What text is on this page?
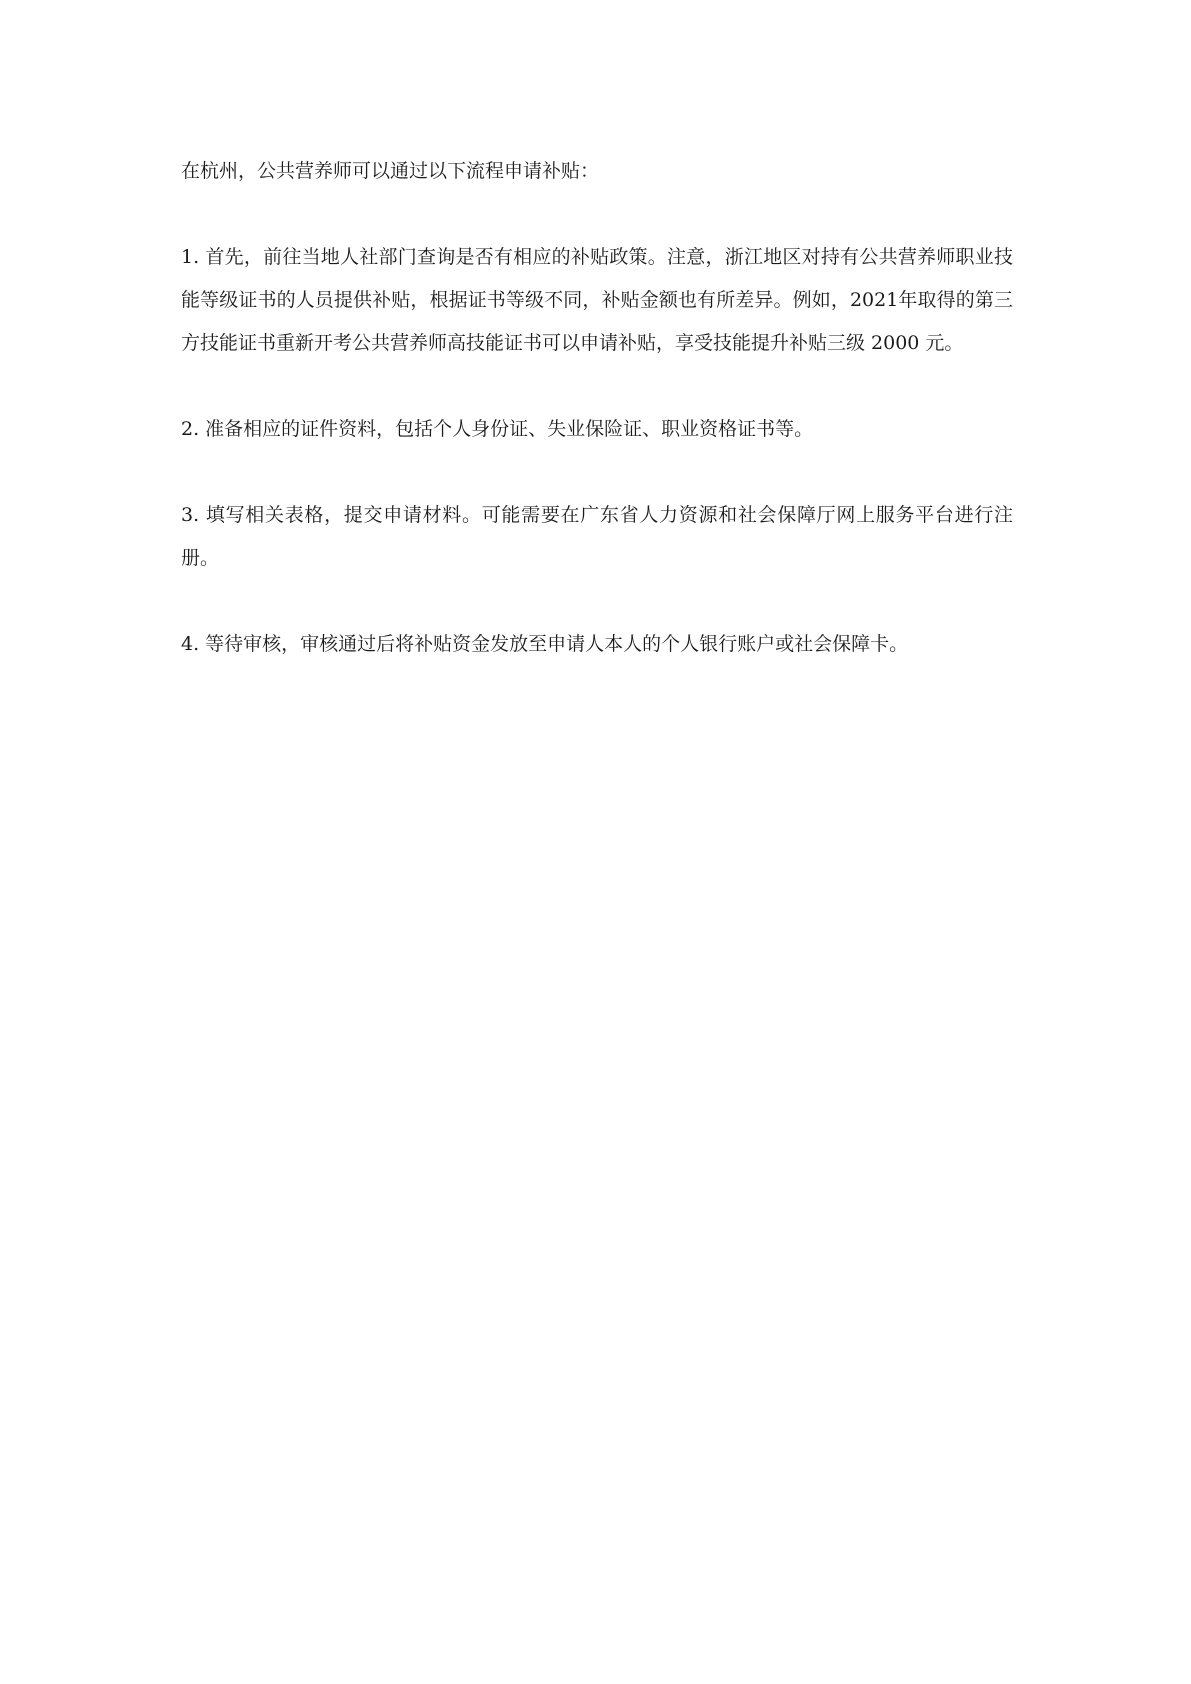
在杭州，公共营养师可以通过以下流程申请补贴：

1. 首先，前往当地人社部门查询是否有相应的补贴政策。注意，浙江地区对持有公共营养师职业技能等级证书的人员提供补贴，根据证书等级不同，补贴金额也有所差异。例如，2021年取得的第三方技能证书重新开考公共营养师高技能证书可以申请补贴，享受技能提升补贴三级 2000 元。

2. 准备相应的证件资料，包括个人身份证、失业保险证、职业资格证书等。

3. 填写相关表格，提交申请材料。可能需要在广东省人力资源和社会保障厅网上服务平台进行注册。

4. 等待审核，审核通过后将补贴资金发放至申请人本人的个人银行账户或社会保障卡。
